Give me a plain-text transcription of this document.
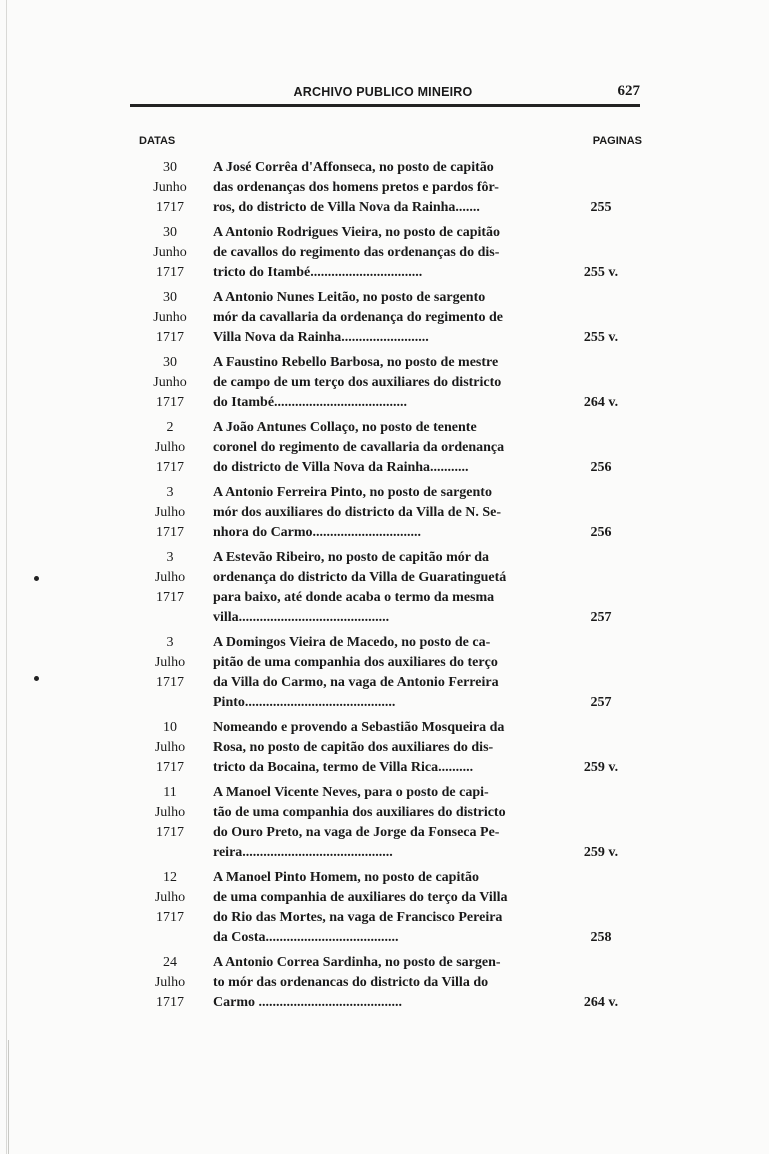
ARCHIVO PUBLICO MINEIRO	627
DATAS	PAGINAS
30
Junho
1717
A José Corrêa d'Affonseca, no posto de capitão
das ordenanças dos homens pretos e pardos fôr-
ros, do districto de Villa Nova da Rainha.......	255
30
Junho
1717
A Antonio Rodrigues Vieira, no posto de capitão
de cavallos do regimento das ordenanças do dis-
tricto do Itambé................................	255 v.
30
Junho
1717
A Antonio Nunes Leitão, no posto de sargento
mór da cavallaria da ordenança do regimento de
Villa Nova da Rainha.........................	255 v.
30
Junho
1717
A Faustino Rebello Barbosa, no posto de mestre
de campo de um terço dos auxiliares do districto
do Itambé......................................	264 v.
2
Julho
1717
A João Antunes Collaço, no posto de tenente
coronel do regimento de cavallaria da ordenança
do districto de Villa Nova da Rainha...........	256
3
Julho
1717
A Antonio Ferreira Pinto, no posto de sargento
mór dos auxiliares do districto da Villa de N. Se-
nhora do Carmo...............................	256
3
Julho
1717
A Estevão Ribeiro, no posto de capitão mór da
ordenança do districto da Villa de Guaratinguetá
para baixo, até donde acaba o termo da mesma
villa...........................................	257
3
Julho
1717
A Domingos Vieira de Macedo, no posto de ca-
pitão de uma companhia dos auxiliares do terço
da Villa do Carmo, na vaga de Antonio Ferreira
Pinto...........................................	257
10
Julho
1717
Nomeando e provendo a Sebastião Mosqueira da
Rosa, no posto de capitão dos auxiliares do dis-
tricto da Bocaina, termo de Villa Rica..........	259 v.
11
Julho
1717
A Manoel Vicente Neves, para o posto de capi-
tão de uma companhia dos auxiliares do districto
do Ouro Preto, na vaga de Jorge da Fonseca Pe-
reira...........................................	259 v.
12
Julho
1717
A Manoel Pinto Homem, no posto de capitão
de uma companhia de auxiliares do terço da Villa
do Rio das Mortes, na vaga de Francisco Pereira
da Costa......................................	258
24
Julho
1717
A Antonio Correa Sardinha, no posto de sargen-
to mór das ordenancas do districto da Villa do
Carmo .........................................	264 v.
